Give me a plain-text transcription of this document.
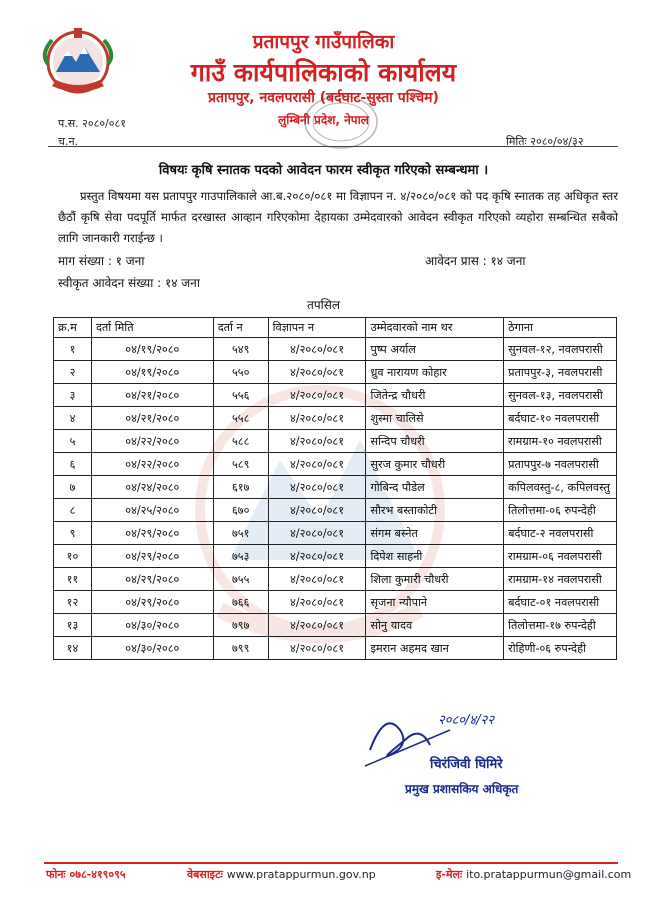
प्रतापपुर गाउँपालिका
गाउँ कार्यपालिकाको कार्यालय
प्रतापपुर, नवलपरासी (बर्दघाट-सुस्ता पश्चिम)
लुम्बिनी प्रदेश, नेपाल
प.स. २०८०/०८१
च.न.	मितिः २०८०/०४/३२
विषयः कृषि स्नातक पदको आवेदन फारम स्वीकृत गरिएको सम्बन्धमा ।
प्रस्तुत विषयमा यस प्रतापपुर गाउपालिकाले आ.ब.२०८०/०८१ मा विज्ञापन न. ४/२०८०/०८१ को पद कृषि स्नातक तह अधिकृत स्तर छैठौं कृषि सेवा पदपूर्ति मार्फत दरखास्त आव्हान गरिएकोमा देहायका उम्मेदवारको आवेदन स्वीकृत गरिएको व्यहोरा सम्बन्धित सबैको लागि जानकारी गराईन्छ ।
माग संख्या : १ जना	आवेदन प्रास : १४ जना
स्वीकृत आवेदन संख्या : १४ जना
तपसिल
क्र.म	दर्ता मिति	दर्ता न	विज्ञापन न	उम्मेदवारको नाम थर	ठेगाना
१	०४/१९/२०८०	५४९	४/२०८०/०८१	पुष्प अर्याल	सुनवल-१२, नवलपरासी
२	०४/१९/२०८०	५५०	४/२०८०/०८१	ध्रुव नारायण कोहार	प्रतापपुर-३, नवलपरासी
३	०४/२१/२०८०	५५६	४/२०८०/०८१	जितेन्द्र चौधरी	सुनवल-१३, नवलपरासी
४	०४/२१/२०८०	५५८	४/२०८०/०८१	शुस्मा चालिसे	बर्दघाट-१० नवलपरासी
५	०४/२२/२०८०	५८८	४/२०८०/०८१	सन्दिप चौधरी	रामग्राम-१० नवलपरासी
६	०४/२२/२०८०	५८९	४/२०८०/०८१	सुरज कुमार चौधरी	प्रतापपुर-७ नवलपरासी
७	०४/२४/२०८०	६१७	४/२०८०/०८१	गोबिन्द पौडेल	कपिलवस्तु-८, कपिलवस्तु
८	०४/२५/२०८०	६७०	४/२०८०/०८१	सौरभ बस्ताकोटी	तिलोत्तमा-०६ रुपन्देही
९	०४/२९/२०८०	७५१	४/२०८०/०८१	संगम बस्नेत	बर्दघाट-२ नवलपरासी
१०	०४/२९/२०८०	७५३	४/२०८०/०८१	दिपेश साहनी	रामग्राम-०६ नवलपरासी
११	०४/२९/२०८०	७५५	४/२०८०/०८१	शिला कुमारी चौधरी	रामग्राम-१४ नवलपरासी
१२	०४/२९/२०८०	७६६	४/२०८०/०८१	सृजना न्यौपाने	बर्दघाट-०१ नवलपरासी
१३	०४/३०/२०८०	७९७	४/२०८०/०८१	सोनु यादव	तिलोत्तमा-१७ रुपन्देही
१४	०४/३०/२०८०	७९९	४/२०८०/०८१	इमरान अहमद खान	रोहिणी-०६ रुपन्देही
२०८०/४/२२
चिरंजिवी घिमिरे
प्रमुख प्रशासकिय अधिकृत
फोनः ०७८-४१९०९५	वेबसाइटः www.pratappurmun.gov.np	इ-मेलः ito.pratappurmun@gmail.com
